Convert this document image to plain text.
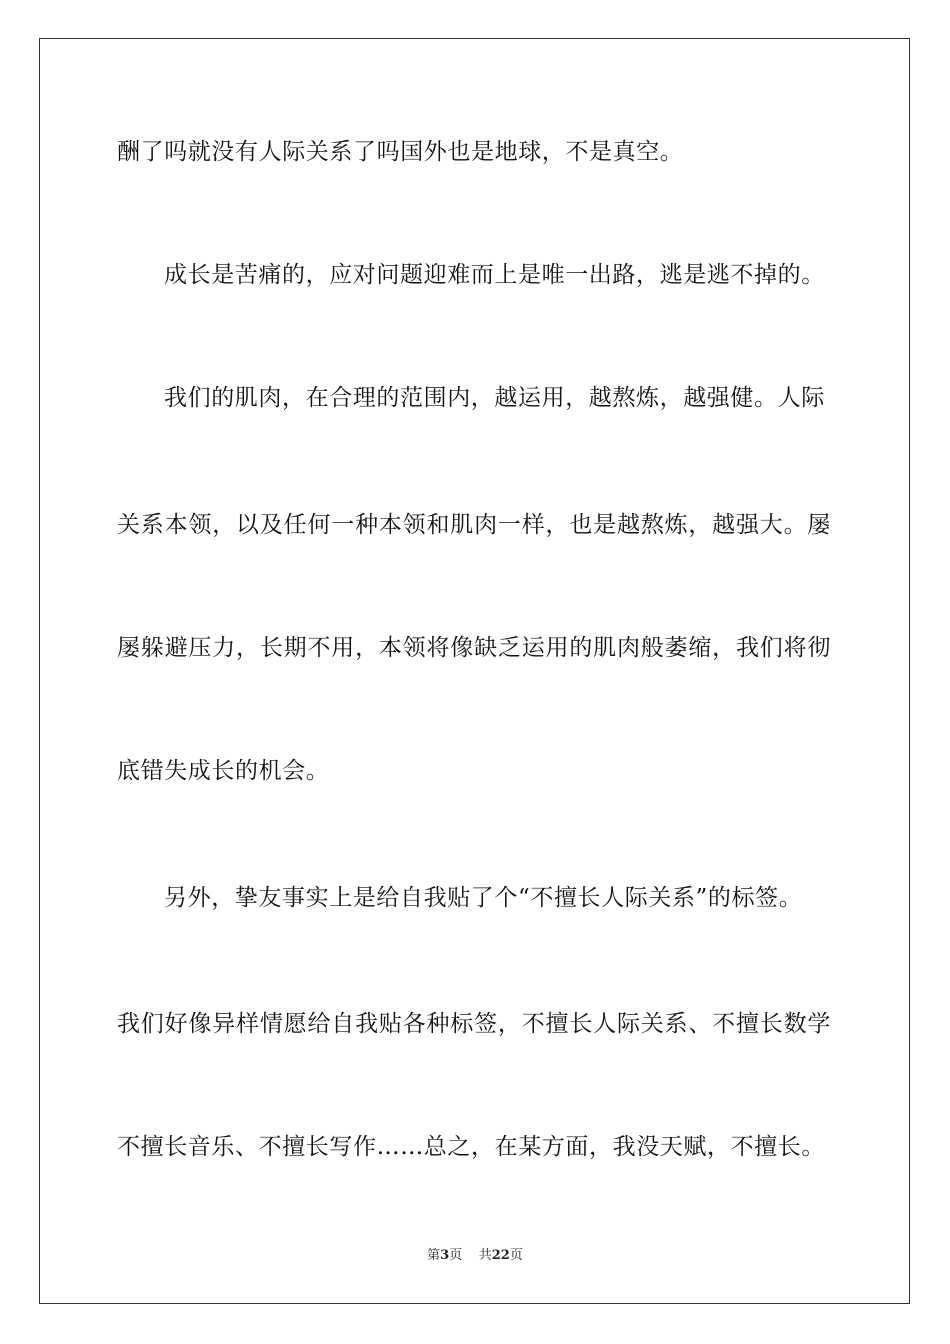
酬了吗就没有人际关系了吗国外也是地球，不是真空。
成长是苦痛的，应对问题迎难而上是唯一出路，逃是逃不掉的。
我们的肌肉，在合理的范围内，越运用，越熬炼，越强健。人际
关系本领，以及任何一种本领和肌肉一样，也是越熬炼，越强大。屡
屡躲避压力，长期不用，本领将像缺乏运用的肌肉般萎缩，我们将彻
底错失成长的机会。
另外，挚友事实上是给自我贴了个“不擅长人际关系”的标签。
我们好像异样情愿给自我贴各种标签，不擅长人际关系、不擅长数学
不擅长音乐、不擅长写作……总之，在某方面，我没天赋，不擅长。
第3页 共22页
